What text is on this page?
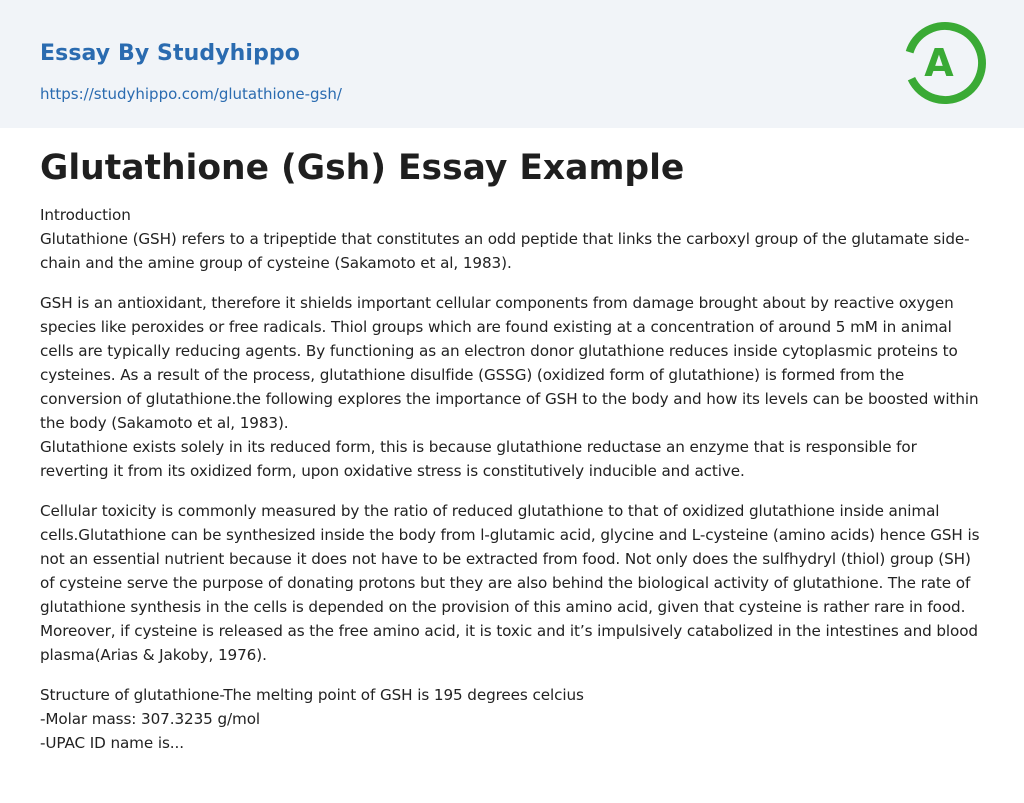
Essay By Studyhippo
https://studyhippo.com/glutathione-gsh/
A
Glutathione (Gsh) Essay Example

Introduction
Glutathione (GSH) refers to a tripeptide that constitutes an odd peptide that links the carboxyl group of the glutamate side-chain and the amine group of cysteine (Sakamoto et al, 1983).

GSH is an antioxidant, therefore it shields important cellular components from damage brought about by reactive oxygen species like peroxides or free radicals. Thiol groups which are found existing at a concentration of around 5 mM in animal cells are typically reducing agents. By functioning as an electron donor glutathione reduces inside cytoplasmic proteins to cysteines. As a result of the process, glutathione disulfide (GSSG) (oxidized form of glutathione) is formed from the conversion of glutathione.the following explores the importance of GSH to the body and how its levels can be boosted within the body (Sakamoto et al, 1983).
Glutathione exists solely in its reduced form, this is because glutathione reductase an enzyme that is responsible for reverting it from its oxidized form, upon oxidative stress is constitutively inducible and active.

Cellular toxicity is commonly measured by the ratio of reduced glutathione to that of oxidized glutathione inside animal cells.Glutathione can be synthesized inside the body from l-glutamic acid, glycine and L-cysteine (amino acids) hence GSH is not an essential nutrient because it does not have to be extracted from food. Not only does the sulfhydryl (thiol) group (SH) of cysteine serve the purpose of donating protons but they are also behind the biological activity of glutathione. The rate of glutathione synthesis in the cells is depended on the provision of this amino acid, given that cysteine is rather rare in food. Moreover, if cysteine is released as the free amino acid, it is toxic and it’s impulsively catabolized in the intestines and blood plasma(Arias & Jakoby, 1976).

Structure of glutathione-The melting point of GSH is 195 degrees celcius
-Molar mass: 307.3235 g/mol
-UPAC ID name is...
